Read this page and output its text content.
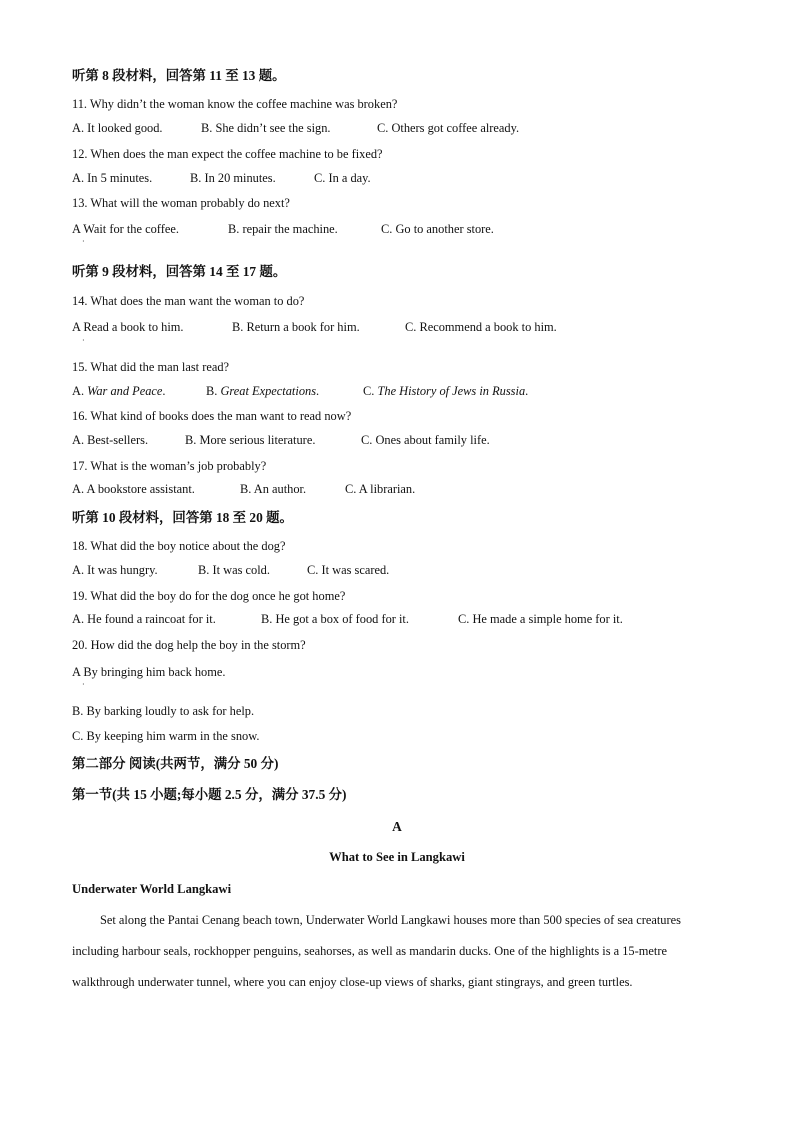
听第 8 段材料，回答第 11 至 13 题。
11. Why didn’t the woman know the coffee machine was broken?
A. It looked good.	B. She didn’t see the sign.	C. Others got coffee already.
12. When does the man expect the coffee machine to be fixed?
A. In 5 minutes.	B. In 20 minutes.	C. In a day.
13. What will the woman probably do next?
A Wait for the coffee.
·
B. repair the machine.	C. Go to another store.
听第 9 段材料，回答第 14 至 17 题。
14. What does the man want the woman to do?
A Read a book to him.
·
B. Return a book for him.	C. Recommend a book to him.
15. What did the man last read?
A. War and Peace.	B. Great Expectations.	C. The History of Jews in Russia.
16. What kind of books does the man want to read now?
A. Best-sellers.	B. More serious literature.	C. Ones about family life.
17. What is the woman’s job probably?
A. A bookstore assistant.	B. An author.	C. A librarian.
听第 10 段材料，回答第 18 至 20 题。
18. What did the boy notice about the dog?
A. It was hungry.	B. It was cold.	C. It was scared.
19. What did the boy do for the dog once he got home?
A. He found a raincoat for it.	B. He got a box of food for it.	C. He made a simple home for it.
20. How did the dog help the boy in the storm?
A By bringing him back home.
·
B. By barking loudly to ask for help.
C. By keeping him warm in the snow.
第二部分 阅读(共两节，满分 50 分)
第一节(共 15 小题;每小题 2.5 分，满分 37.5 分)
A
What to See in Langkawi
Underwater World Langkawi
Set along the Pantai Cenang beach town, Underwater World Langkawi houses more than 500 species of sea creatures including harbour seals, rockhopper penguins, seahorses, as well as mandarin ducks. One of the highlights is a 15-metre walkthrough underwater tunnel, where you can enjoy close-up views of sharks, giant stingrays, and green turtles.
